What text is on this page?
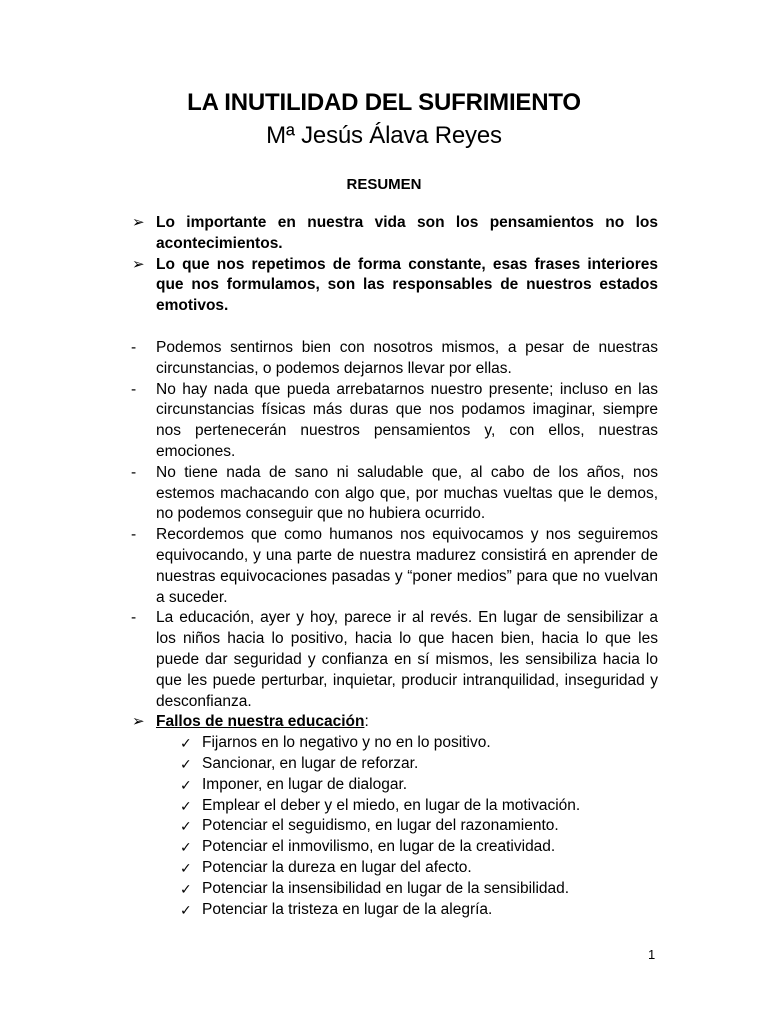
LA INUTILIDAD DEL SUFRIMIENTO
Mª Jesús Álava Reyes
RESUMEN
➢ Lo importante en nuestra vida son los pensamientos no los acontecimientos.
➢ Lo que nos repetimos de forma constante, esas frases interiores que nos formulamos, son las responsables de nuestros estados emotivos.
- Podemos sentirnos bien con nosotros mismos, a pesar de nuestras circunstancias, o podemos dejarnos llevar por ellas.
- No hay nada que pueda arrebatarnos nuestro presente; incluso en las circunstancias físicas más duras que nos podamos imaginar, siempre nos pertenecerán nuestros pensamientos y, con ellos, nuestras emociones.
- No tiene nada de sano ni saludable que, al cabo de los años, nos estemos machacando con algo que, por muchas vueltas que le demos, no podemos conseguir que no hubiera ocurrido.
- Recordemos que como humanos nos equivocamos y nos seguiremos equivocando, y una parte de nuestra madurez consistirá en aprender de nuestras equivocaciones pasadas y “poner medios” para que no vuelvan a suceder.
- La educación, ayer y hoy, parece ir al revés. En lugar de sensibilizar a los niños hacia lo positivo, hacia lo que hacen bien, hacia lo que les puede dar seguridad y confianza en sí mismos, les sensibiliza hacia lo que les puede perturbar, inquietar, producir intranquilidad, inseguridad y desconfianza.
➢ Fallos de nuestra educación:
✓ Fijarnos en lo negativo y no en lo positivo.
✓ Sancionar, en lugar de reforzar.
✓ Imponer, en lugar de dialogar.
✓ Emplear el deber y el miedo, en lugar de la motivación.
✓ Potenciar el seguidismo, en lugar del razonamiento.
✓ Potenciar el inmovilismo, en lugar de la creatividad.
✓ Potenciar la dureza en lugar del afecto.
✓ Potenciar la insensibilidad en lugar de la sensibilidad.
✓ Potenciar la tristeza en lugar de la alegría.
1
